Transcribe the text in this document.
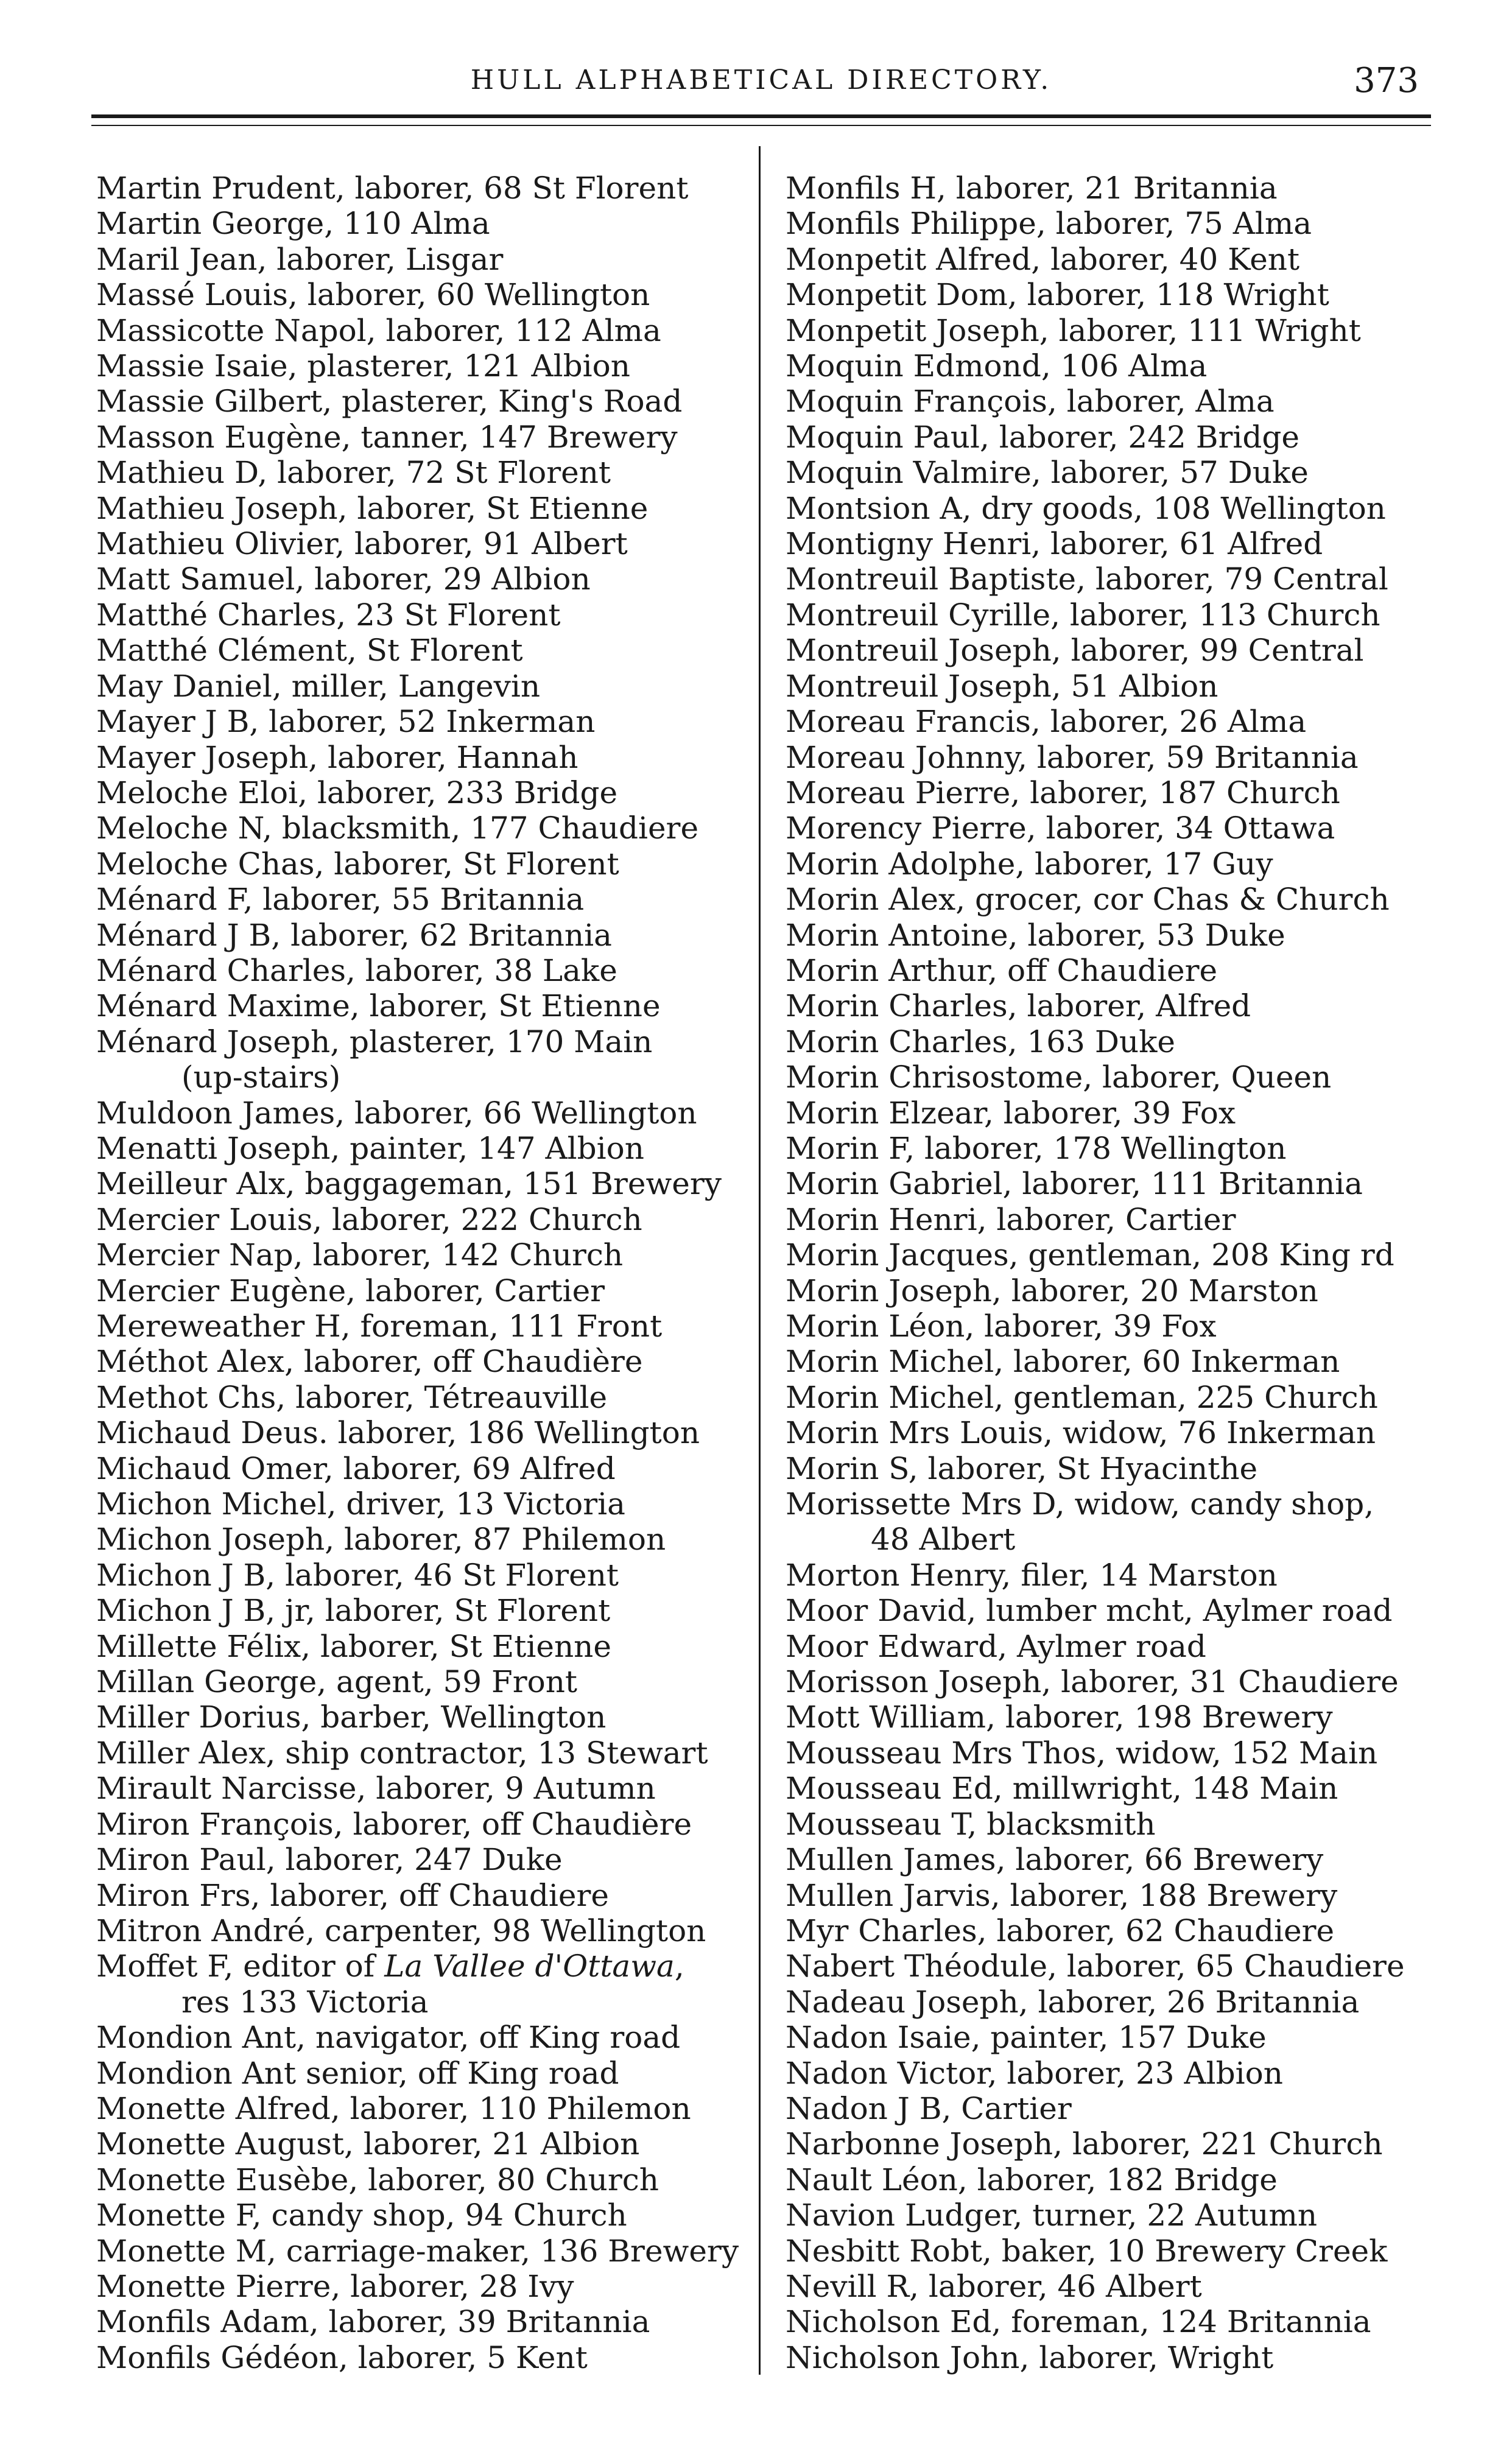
HULL ALPHABETICAL DIRECTORY.	373
Martin Prudent, laborer, 68 St Florent
Martin George, 110 Alma
Maril Jean, laborer, Lisgar
Massé Louis, laborer, 60 Wellington
Massicotte Napol, laborer, 112 Alma
Massie Isaie, plasterer, 121 Albion
Massie Gilbert, plasterer, King's Road
Masson Eugène, tanner, 147 Brewery
Mathieu D, laborer, 72 St Florent
Mathieu Joseph, laborer, St Etienne
Mathieu Olivier, laborer, 91 Albert
Matt Samuel, laborer, 29 Albion
Matthé Charles, 23 St Florent
Matthé Clément, St Florent
May Daniel, miller, Langevin
Mayer J B, laborer, 52 Inkerman
Mayer Joseph, laborer, Hannah
Meloche Eloi, laborer, 233 Bridge
Meloche N, blacksmith, 177 Chaudiere
Meloche Chas, laborer, St Florent
Ménard F, laborer, 55 Britannia
Ménard J B, laborer, 62 Britannia
Ménard Charles, laborer, 38 Lake
Ménard Maxime, laborer, St Etienne
Ménard Joseph, plasterer, 170 Main
(up-stairs)
Muldoon James, laborer, 66 Wellington
Menatti Joseph, painter, 147 Albion
Meilleur Alx, baggageman, 151 Brewery
Mercier Louis, laborer, 222 Church
Mercier Nap, laborer, 142 Church
Mercier Eugène, laborer, Cartier
Mereweather H, foreman, 111 Front
Méthot Alex, laborer, off Chaudière
Methot Chs, laborer, Tétreauville
Michaud Deus. laborer, 186 Wellington
Michaud Omer, laborer, 69 Alfred
Michon Michel, driver, 13 Victoria
Michon Joseph, laborer, 87 Philemon
Michon J B, laborer, 46 St Florent
Michon J B, jr, laborer, St Florent
Millette Félix, laborer, St Etienne
Millan George, agent, 59 Front
Miller Dorius, barber, Wellington
Miller Alex, ship contractor, 13 Stewart
Mirault Narcisse, laborer, 9 Autumn
Miron François, laborer, off Chaudière
Miron Paul, laborer, 247 Duke
Miron Frs, laborer, off Chaudiere
Mitron André, carpenter, 98 Wellington
Moffet F, editor of La Vallee d'Ottawa,
res 133 Victoria
Mondion Ant, navigator, off King road
Mondion Ant senior, off King road
Monette Alfred, laborer, 110 Philemon
Monette August, laborer, 21 Albion
Monette Eusèbe, laborer, 80 Church
Monette F, candy shop, 94 Church
Monette M, carriage-maker, 136 Brewery
Monette Pierre, laborer, 28 Ivy
Monfils Adam, laborer, 39 Britannia
Monfils Gédéon, laborer, 5 Kent
Monfils H, laborer, 21 Britannia
Monfils Philippe, laborer, 75 Alma
Monpetit Alfred, laborer, 40 Kent
Monpetit Dom, laborer, 118 Wright
Monpetit Joseph, laborer, 111 Wright
Moquin Edmond, 106 Alma
Moquin François, laborer, Alma
Moquin Paul, laborer, 242 Bridge
Moquin Valmire, laborer, 57 Duke
Montsion A, dry goods, 108 Wellington
Montigny Henri, laborer, 61 Alfred
Montreuil Baptiste, laborer, 79 Central
Montreuil Cyrille, laborer, 113 Church
Montreuil Joseph, laborer, 99 Central
Montreuil Joseph, 51 Albion
Moreau Francis, laborer, 26 Alma
Moreau Johnny, laborer, 59 Britannia
Moreau Pierre, laborer, 187 Church
Morency Pierre, laborer, 34 Ottawa
Morin Adolphe, laborer, 17 Guy
Morin Alex, grocer, cor Chas & Church
Morin Antoine, laborer, 53 Duke
Morin Arthur, off Chaudiere
Morin Charles, laborer, Alfred
Morin Charles, 163 Duke
Morin Chrisostome, laborer, Queen
Morin Elzear, laborer, 39 Fox
Morin F, laborer, 178 Wellington
Morin Gabriel, laborer, 111 Britannia
Morin Henri, laborer, Cartier
Morin Jacques, gentleman, 208 King rd
Morin Joseph, laborer, 20 Marston
Morin Léon, laborer, 39 Fox
Morin Michel, laborer, 60 Inkerman
Morin Michel, gentleman, 225 Church
Morin Mrs Louis, widow, 76 Inkerman
Morin S, laborer, St Hyacinthe
Morissette Mrs D, widow, candy shop,
48 Albert
Morton Henry, filer, 14 Marston
Moor David, lumber mcht, Aylmer road
Moor Edward, Aylmer road
Morisson Joseph, laborer, 31 Chaudiere
Mott William, laborer, 198 Brewery
Mousseau Mrs Thos, widow, 152 Main
Mousseau Ed, millwright, 148 Main
Mousseau T, blacksmith
Mullen James, laborer, 66 Brewery
Mullen Jarvis, laborer, 188 Brewery
Myr Charles, laborer, 62 Chaudiere
Nabert Théodule, laborer, 65 Chaudiere
Nadeau Joseph, laborer, 26 Britannia
Nadon Isaie, painter, 157 Duke
Nadon Victor, laborer, 23 Albion
Nadon J B, Cartier
Narbonne Joseph, laborer, 221 Church
Nault Léon, laborer, 182 Bridge
Navion Ludger, turner, 22 Autumn
Nesbitt Robt, baker, 10 Brewery Creek
Nevill R, laborer, 46 Albert
Nicholson Ed, foreman, 124 Britannia
Nicholson John, laborer, Wright
